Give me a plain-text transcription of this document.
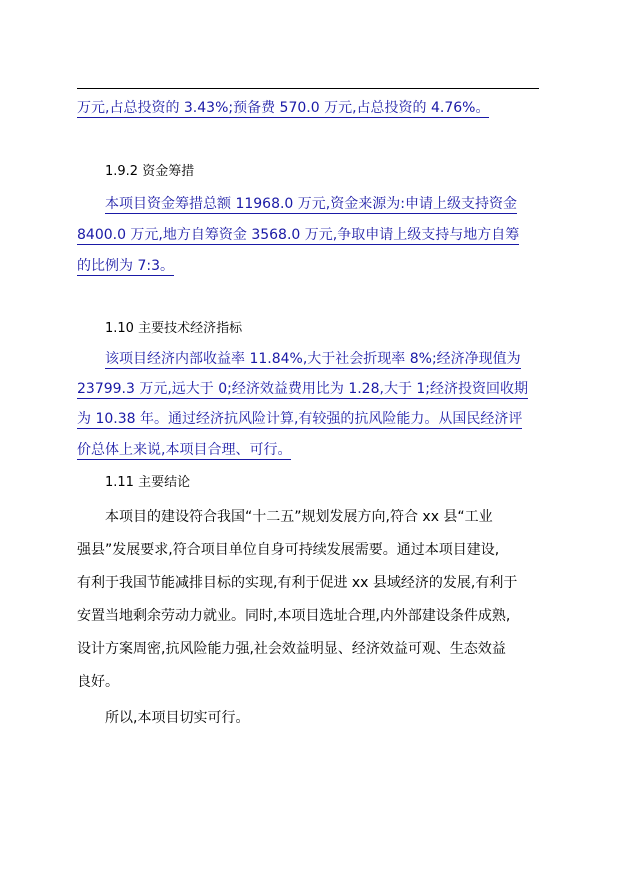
万元,占总投资的 3.43%;预备费 570.0 万元,占总投资的 4.76%。
1.9.2 资金筹措
本项目资金筹措总额 11968.0 万元,资金来源为:申请上级支持资金
8400.0 万元,地方自筹资金 3568.0 万元,争取申请上级支持与地方自筹
的比例为 7:3。
1.10 主要技术经济指标
该项目经济内部收益率 11.84%,大于社会折现率 8%;经济净现值为
23799.3 万元,远大于 0;经济效益费用比为 1.28,大于 1;经济投资回收期
为 10.38 年。通过经济抗风险计算,有较强的抗风险能力。从国民经济评
价总体上来说,本项目合理、可行。
1.11 主要结论
本项目的建设符合我国“十二五”规划发展方向,符合 xx 县“工业
强县”发展要求,符合项目单位自身可持续发展需要。通过本项目建设,
有利于我国节能减排目标的实现,有利于促进 xx 县域经济的发展,有利于
安置当地剩余劳动力就业。同时,本项目选址合理,内外部建设条件成熟,
设计方案周密,抗风险能力强,社会效益明显、经济效益可观、生态效益
良好。
所以,本项目切实可行。
